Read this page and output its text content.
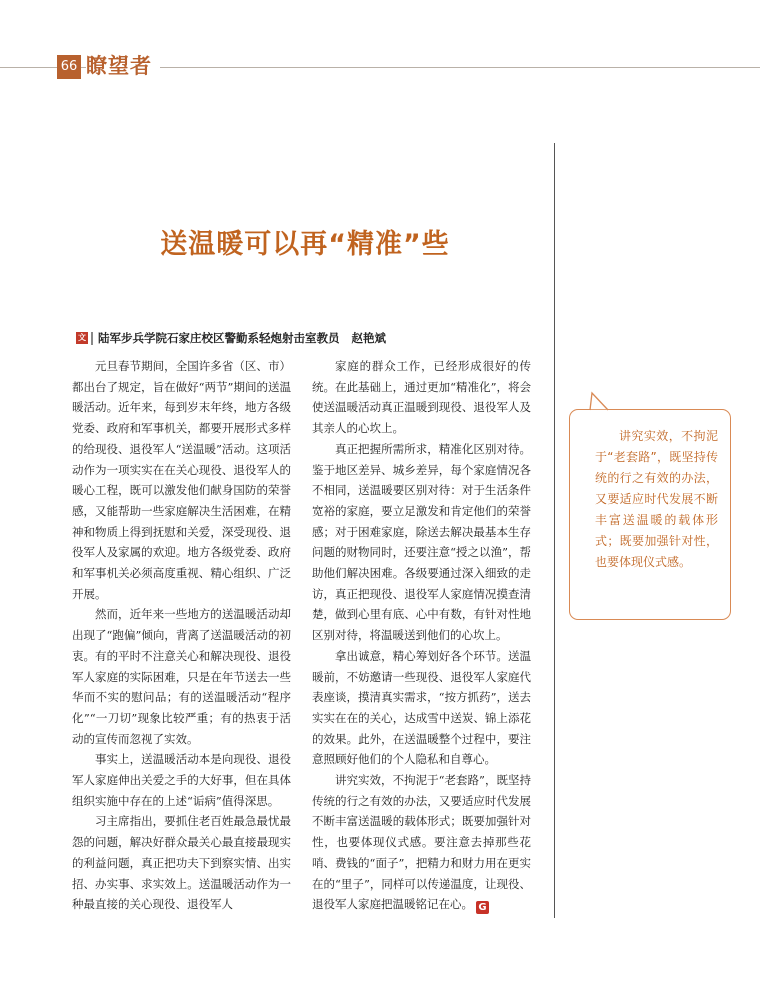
66 瞭望者
送温暖可以再“精准”些
文 陆军步兵学院石家庄校区警勤系轻炮射击室教员 赵艳斌

元旦春节期间，全国许多省（区、市）都出台了规定，旨在做好“两节”期间的送温暖活动。近年来，每到岁末年终，地方各级党委、政府和军事机关，都要开展形式多样的给现役、退役军人“送温暖”活动。这项活动作为一项实实在在关心现役、退役军人的暖心工程，既可以激发他们献身国防的荣誉感，又能帮助一些家庭解决生活困难，在精神和物质上得到抚慰和关爱，深受现役、退役军人及家属的欢迎。地方各级党委、政府和军事机关必须高度重视、精心组织、广泛开展。

然而，近年来一些地方的送温暖活动却出现了“跑偏”倾向，背离了送温暖活动的初衷。有的平时不注意关心和解决现役、退役军人家庭的实际困难，只是在年节送去一些华而不实的慰问品；有的送温暖活动“程序化”“一刀切”现象比较严重；有的热衷于活动的宣传而忽视了实效。

事实上，送温暖活动本是向现役、退役军人家庭伸出关爱之手的大好事，但在具体组织实施中存在的上述“诟病”值得深思。

习主席指出，要抓住老百姓最急最忧最怨的问题，解决好群众最关心最直接最现实的利益问题，真正把功夫下到察实情、出实招、办实事、求实效上。送温暖活动作为一种最直接的关心现役、退役军人

家庭的群众工作，已经形成很好的传统。在此基础上，通过更加“精准化”，将会使送温暖活动真正温暖到现役、退役军人及其亲人的心坎上。

真正把握所需所求，精准化区别对待。鉴于地区差异、城乡差异，每个家庭情况各不相同，送温暖要区别对待：对于生活条件宽裕的家庭，要立足激发和肯定他们的荣誉感；对于困难家庭，除送去解决最基本生存问题的财物同时，还要注意“授之以渔”，帮助他们解决困难。各级要通过深入细致的走访，真正把现役、退役军人家庭情况摸查清楚，做到心里有底、心中有数，有针对性地区别对待，将温暖送到他们的心坎上。

拿出诚意，精心筹划好各个环节。送温暖前，不妨邀请一些现役、退役军人家庭代表座谈，摸清真实需求，“按方抓药”，送去实实在在的关心，达成雪中送炭、锦上添花的效果。此外，在送温暖整个过程中，要注意照顾好他们的个人隐私和自尊心。

讲究实效，不拘泥于“老套路”，既坚持传统的行之有效的办法，又要适应时代发展不断丰富送温暖的载体形式；既要加强针对性，也要体现仪式感。要注意去掉那些花哨、费钱的“面子”，把精力和财力用在更实在的“里子”，同样可以传递温度，让现役、退役军人家庭把温暖铭记在心。 G

讲究实效，不拘泥于“老套路”，既坚持传统的行之有效的办法，又要适应时代发展不断丰富送温暖的载体形式；既要加强针对性，也要体现仪式感。
